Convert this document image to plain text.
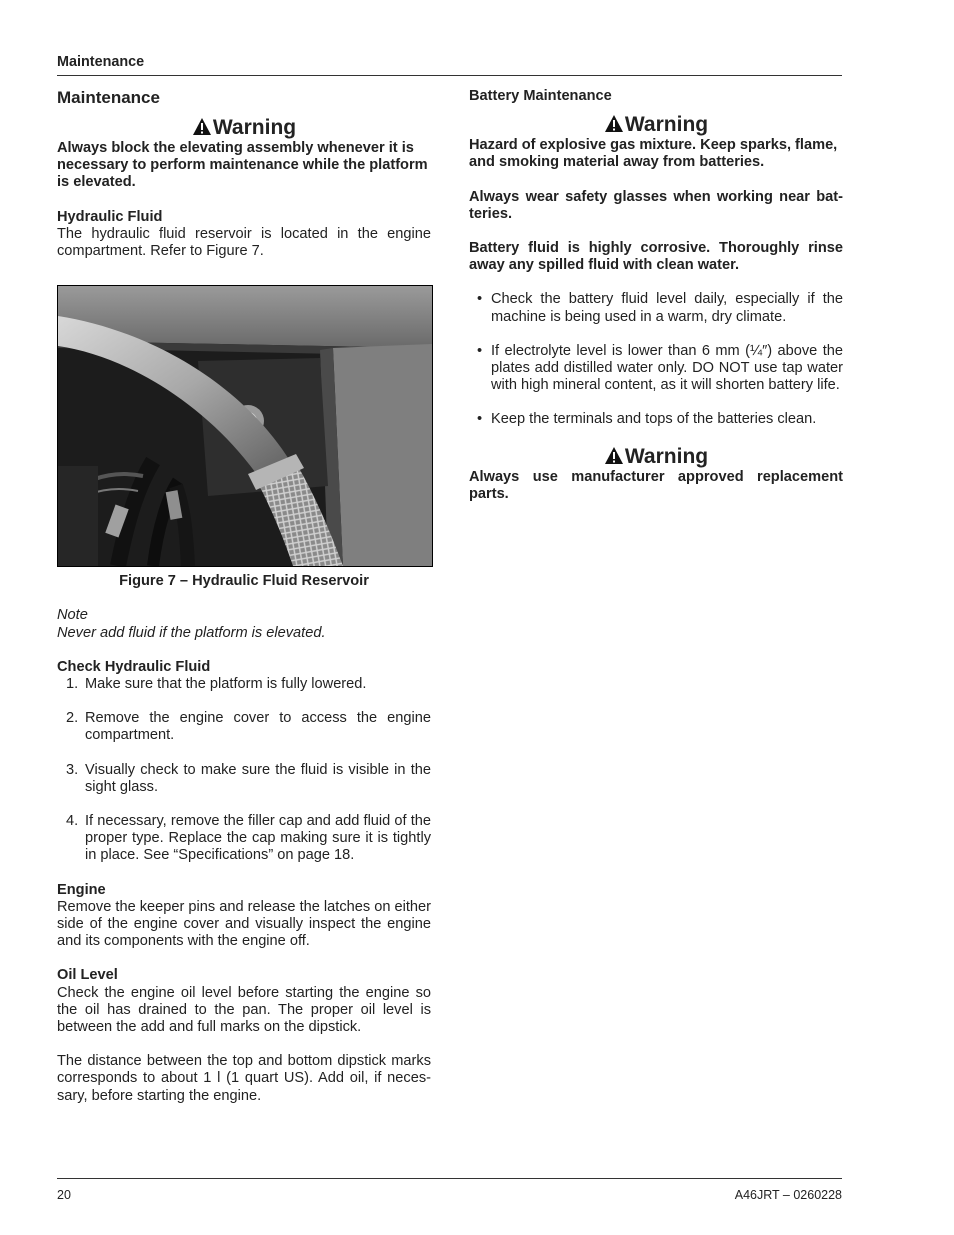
Maintenance
Maintenance
Warning

Always block the elevating assembly whenever it is necessary to perform maintenance while the platform is elevated.

Hydraulic Fluid

The hydraulic fluid reservoir is located in the engine compartment. Refer to Figure 7.

Figure 7 – Hydraulic Fluid Reservoir

Note

Never add fluid if the platform is elevated.

Check Hydraulic Fluid

1. Make sure that the platform is fully lowered.
2. Remove the engine cover to access the engine compartment.
3. Visually check to make sure the fluid is visible in the sight glass.
4. If necessary, remove the filler cap and add fluid of the proper type. Replace the cap making sure it is tightly in place. See “Specifications” on page 18.

Engine

Remove the keeper pins and release the latches on either side of the engine cover and visually inspect the engine and its components with the engine off.

Oil Level

Check the engine oil level before starting the engine so the oil has drained to the pan. The proper oil level is between the add and full marks on the dipstick.

The distance between the top and bottom dipstick marks corresponds to about 1 l (1 quart US). Add oil, if neces-sary, before starting the engine.

Battery Maintenance

Warning

Hazard of explosive gas mixture. Keep sparks, flame, and smoking material away from batteries.

Always wear safety glasses when working near bat-teries.

Battery fluid is highly corrosive. Thoroughly rinse away any spilled fluid with clean water.

• Check the battery fluid level daily, especially if the machine is being used in a warm, dry climate.
• If electrolyte level is lower than 6 mm (¼″) above the plates add distilled water only. DO NOT use tap water with high mineral content, as it will shorten battery life.
• Keep the terminals and tops of the batteries clean.
Warning

Always use manufacturer approved replacement parts.

20	A46JRT – 0260228
